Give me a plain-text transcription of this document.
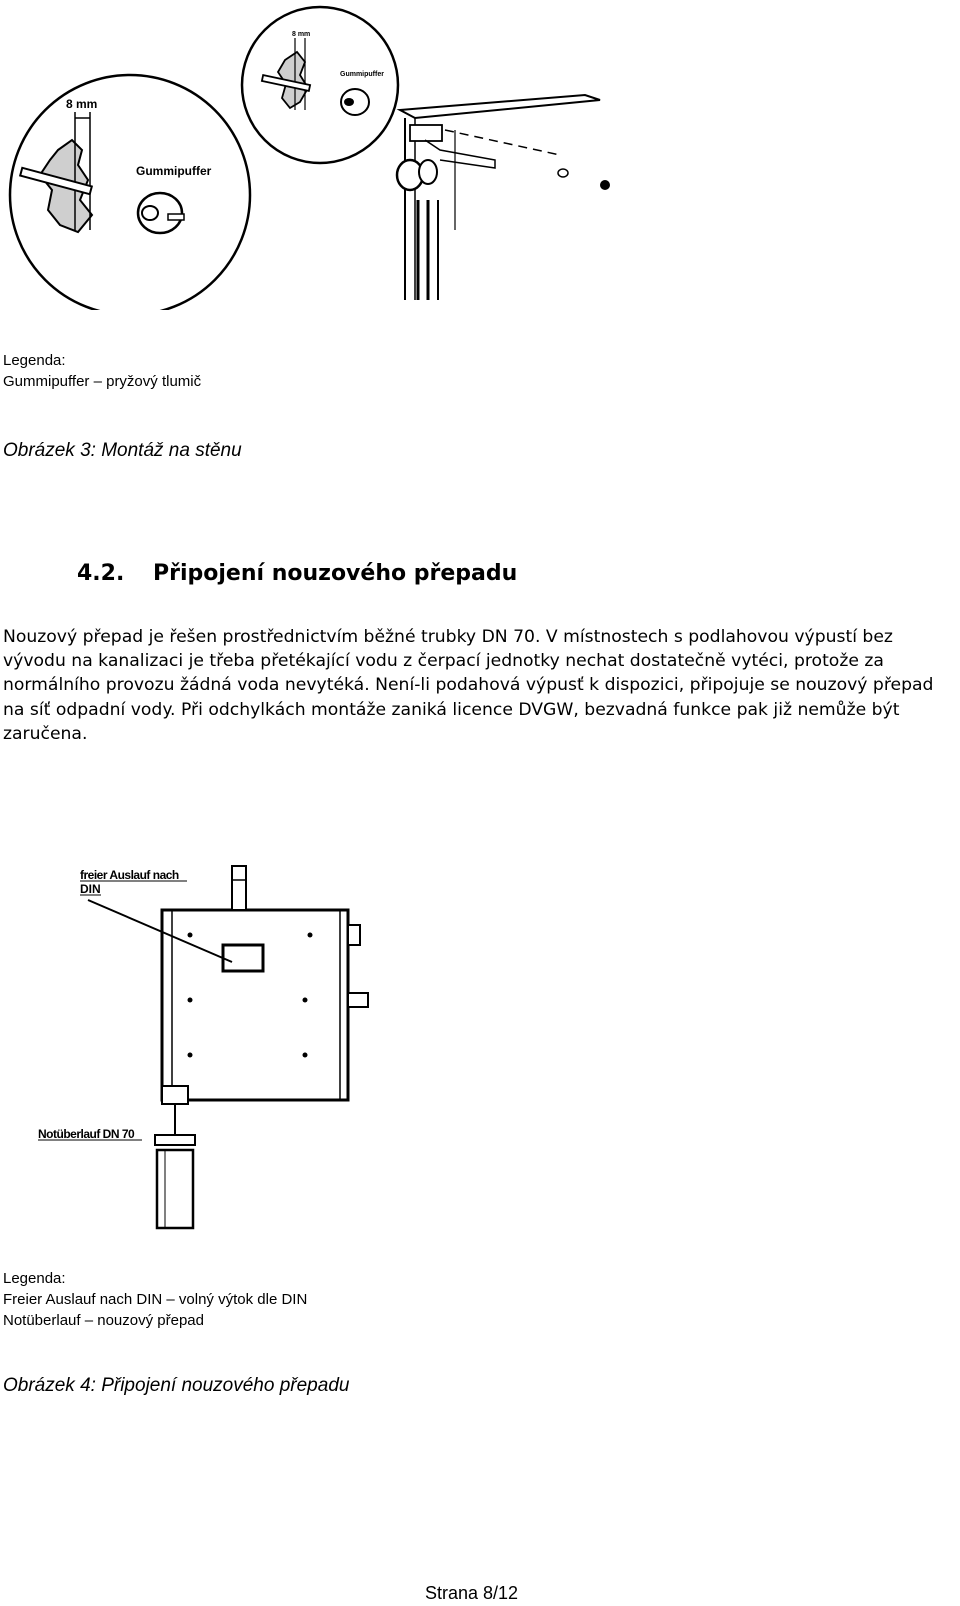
8 mm
Gummipuffer
8 mm
Gummipuffer
Legenda:
Gummipuffer – pryžový tlumič
Obrázek 3: Montáž na stěnu
4.2. Připojení nouzového přepadu

Nouzový přepad je řešen prostřednictvím běžné trubky DN 70. V místnostech s podlahovou výpustí bez vývodu na kanalizaci je třeba přetékající vodu z čerpací jednotky nechat dostatečně vytéci, protože za normálního provozu žádná voda nevytéká. Není-li podahová výpusť k dispozici, připojuje se nouzový přepad na síť odpadní vody. Při odchylkách montáže zaniká licence DVGW, bezvadná funkce pak již nemůže být zaručena.

freier Auslauf nach
DIN
Notüberlauf DN 70
Legenda:
Freier Auslauf nach DIN – volný výtok dle DIN
Notüberlauf – nouzový přepad
Obrázek 4: Připojení nouzového přepadu
Strana 8/12
